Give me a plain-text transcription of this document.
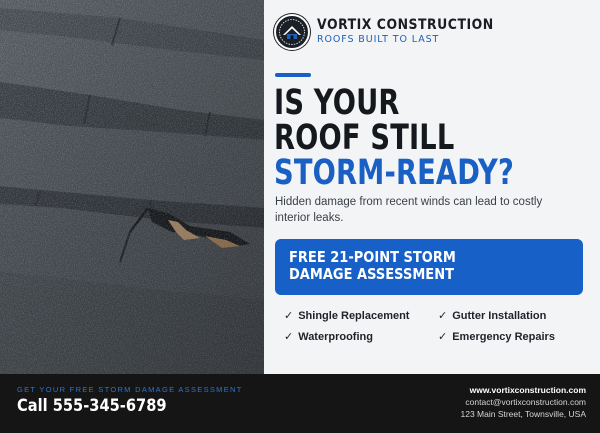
VORTIX CONSTRUCTION
ROOFS BUILT TO LAST
IS YOUR
ROOF STILL
STORM-READY?
Hidden damage from recent winds can lead to costly interior leaks.
FREE 21-POINT STORM
DAMAGE ASSESSMENT
✓ Shingle Replacement	✓ Gutter Installation
✓ Waterproofing	✓ Emergency Repairs
GET YOUR FREE STORM DAMAGE ASSESSMENT
Call 555-345-6789
www.vortixconstruction.com
contact@vortixconstruction.com
123 Main Street, Townsville, USA
